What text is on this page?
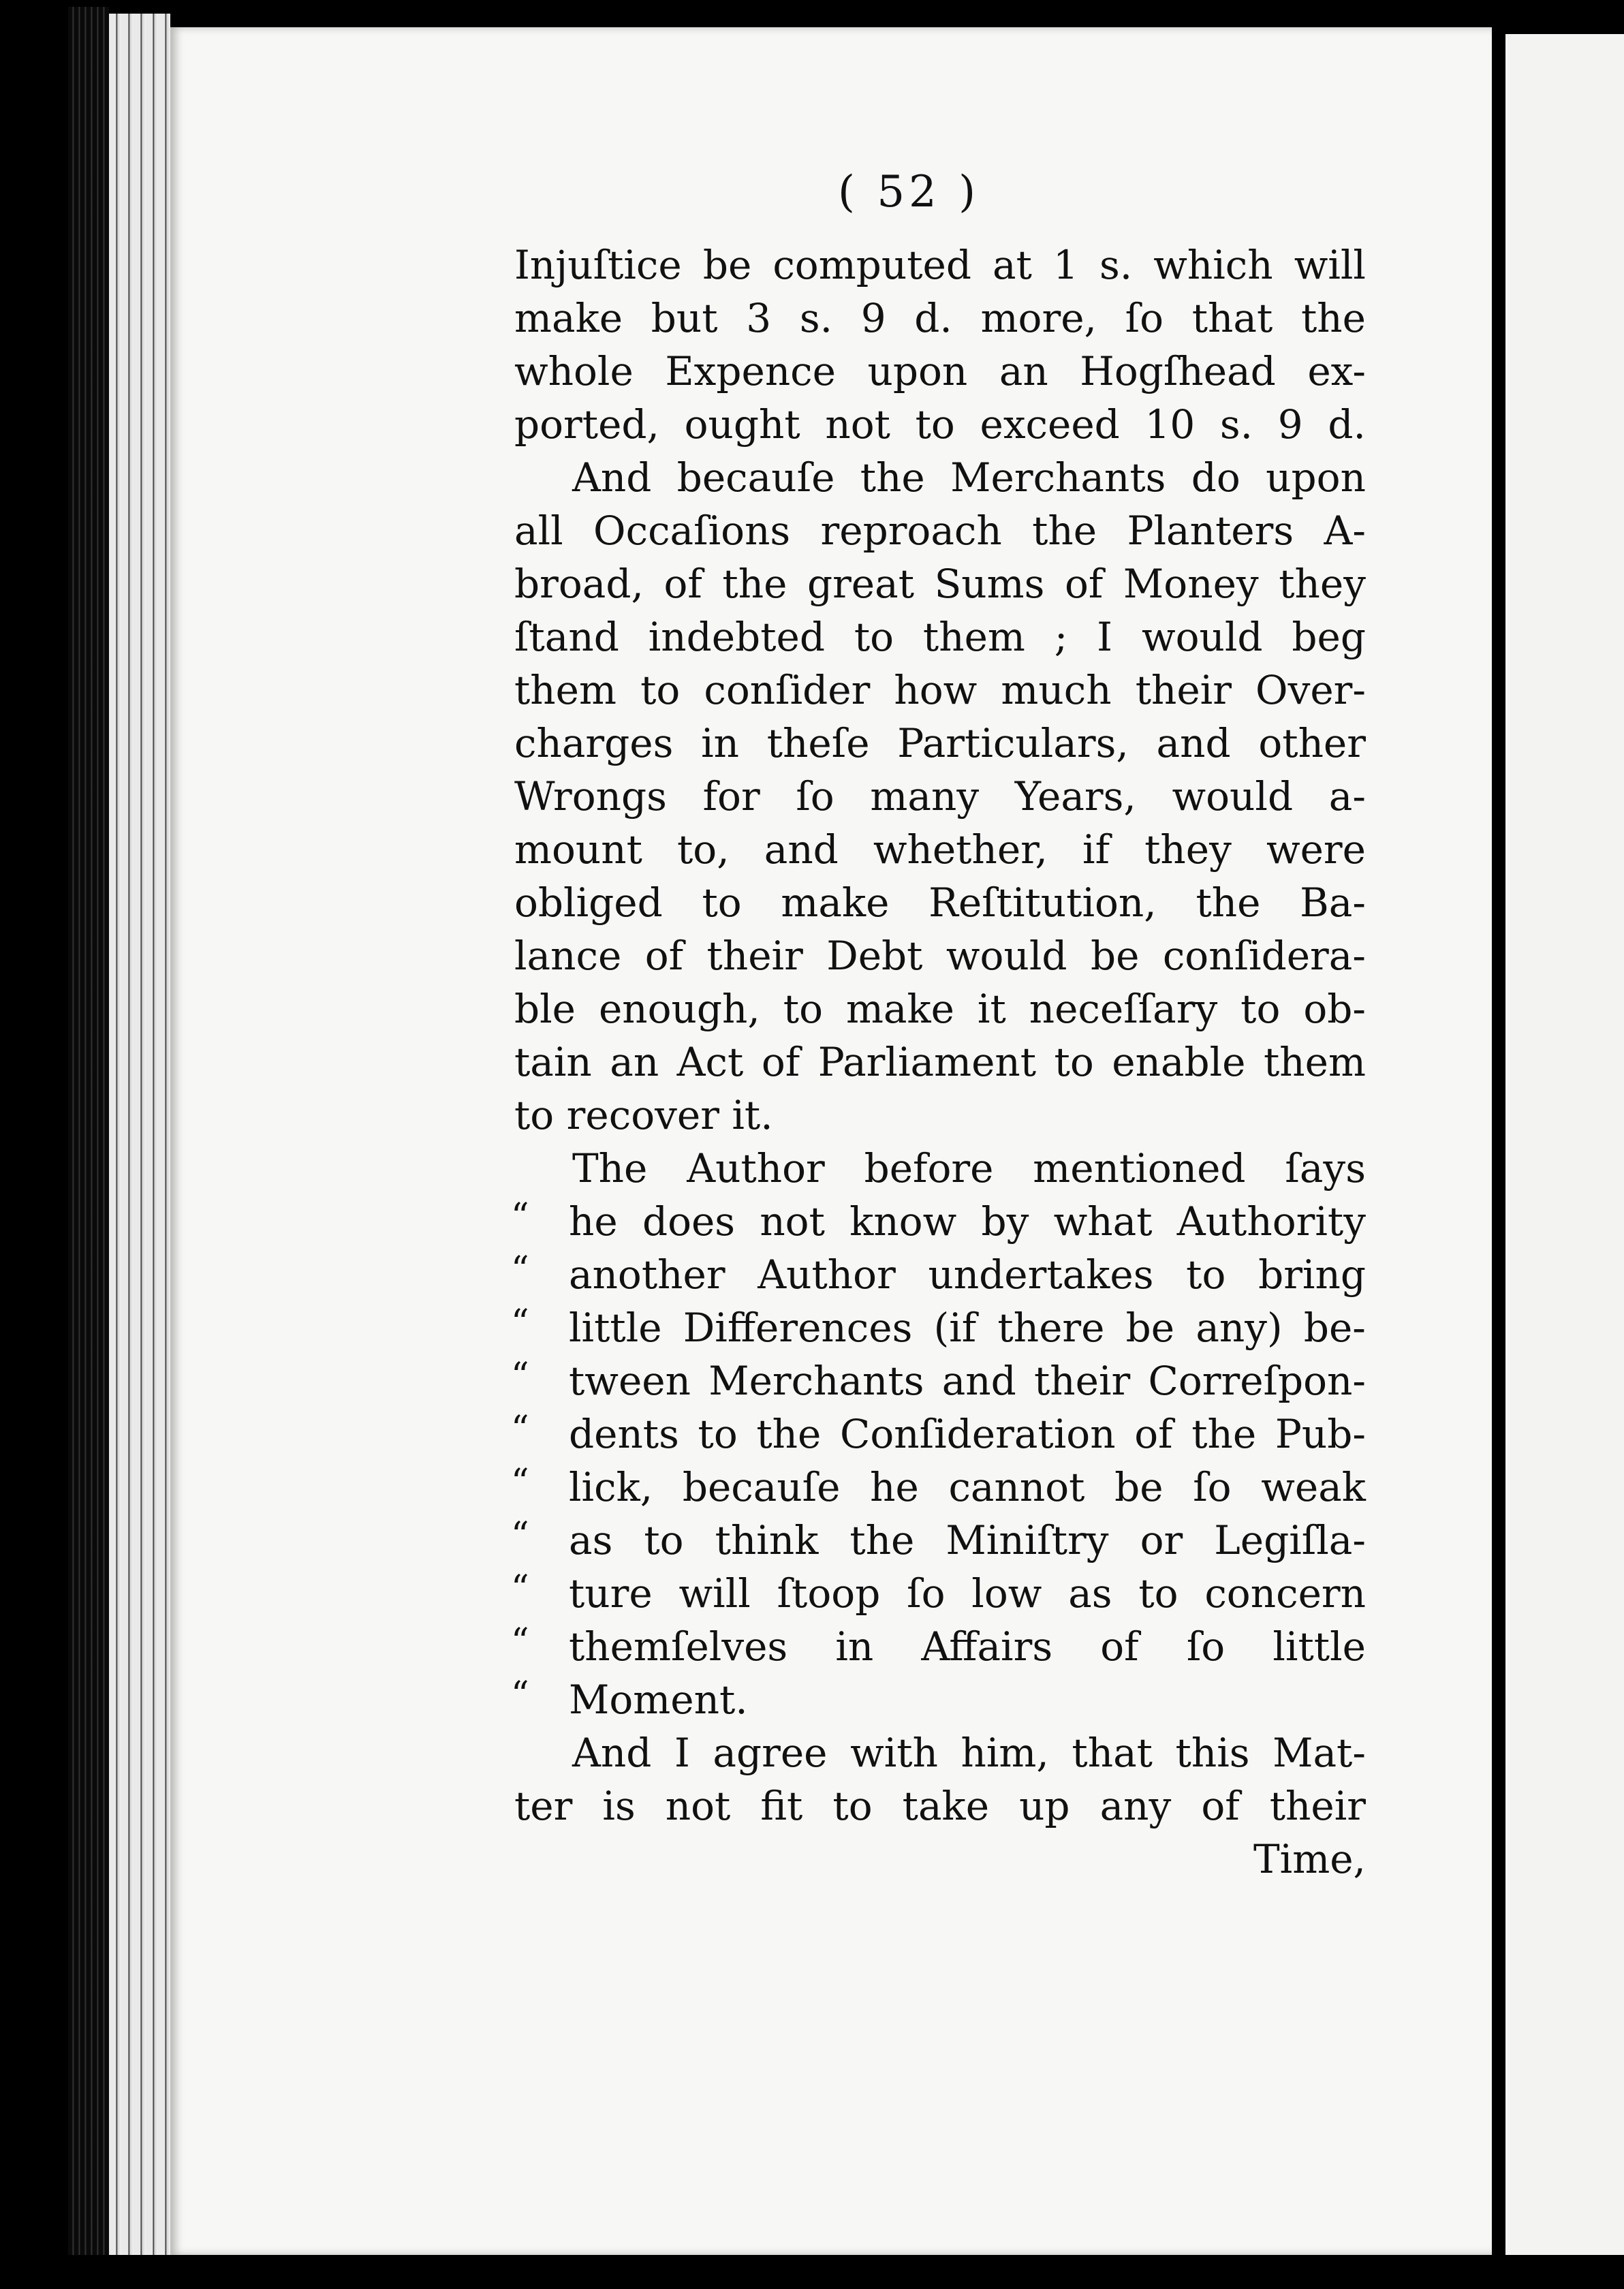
( 52 )
Injuſtice be computed at 1 s. which will
make but 3 s. 9 d. more, ſo that the
whole Expence upon an Hogſhead ex-
ported, ought not to exceed 10 s. 9 d.
And becauſe the Merchants do upon
all Occaſions reproach the Planters A-
broad, of the great Sums of Money they
ſtand indebted to them ; I would beg
them to conſider how much their Over-
charges in theſe Particulars, and other
Wrongs for ſo many Years, would a-
mount to, and whether, if they were
obliged to make Reſtitution, the Ba-
lance of their Debt would be conſidera-
ble enough, to make it neceſſary to ob-
tain an Act of Parliament to enable them
to recover it.
The Author before mentioned ſays
“ he does not know by what Authority
“ another Author undertakes to bring
“ little Differences (if there be any) be-
“ tween Merchants and their Correſpon-
“ dents to the Conſideration of the Pub-
“ lick, becauſe he cannot be ſo weak
“ as to think the Miniſtry or Legiſla-
“ ture will ſtoop ſo low as to concern
“ themſelves in Affairs of ſo little
“ Moment.
And I agree with him, that this Mat-
ter is not fit to take up any of their
Time,
